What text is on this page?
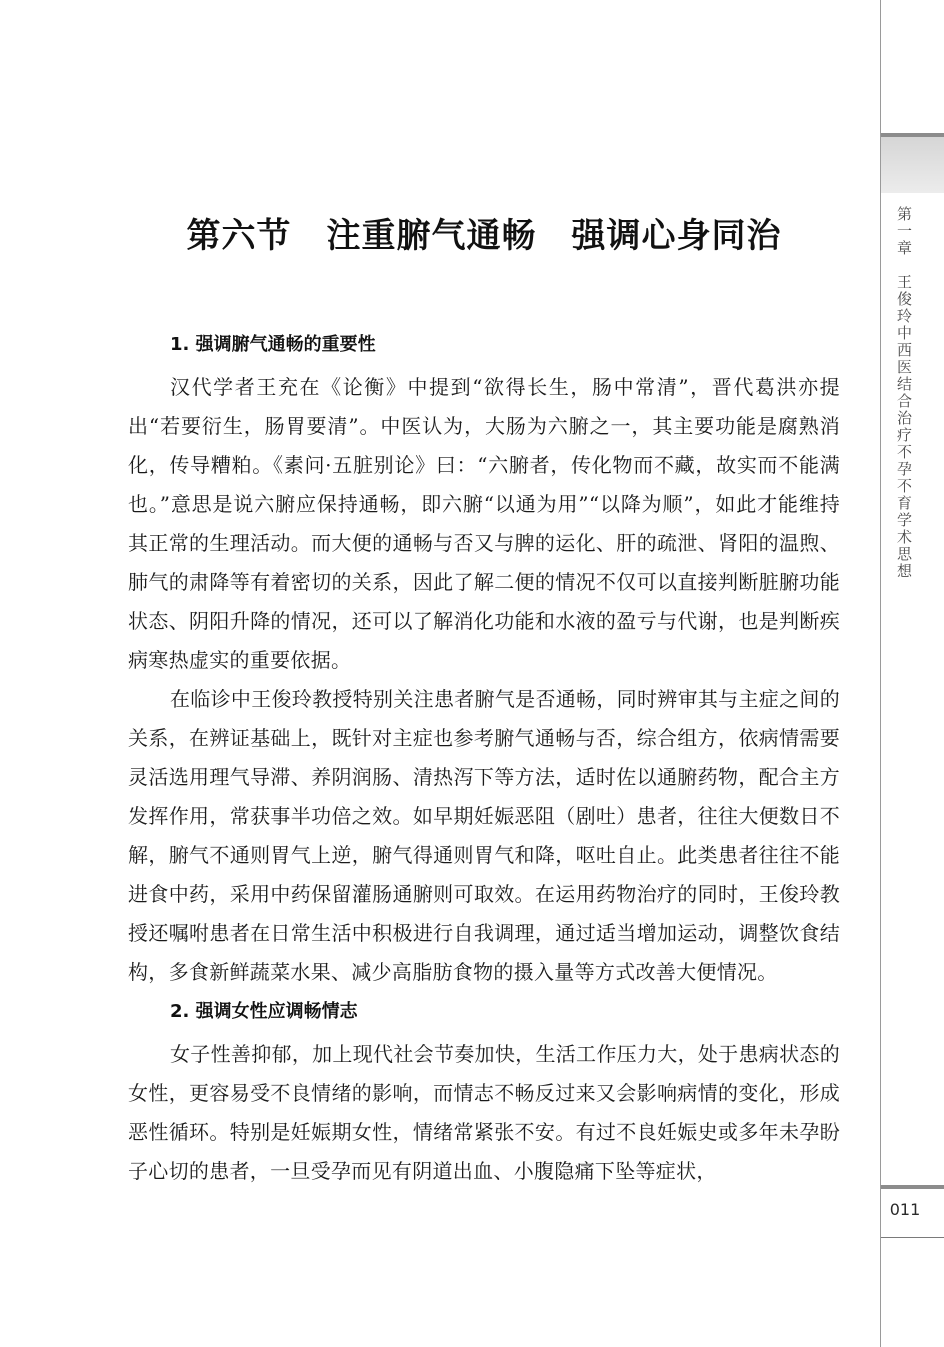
第一章　王俊玲中西医结合治疗不孕不育学术思想
011
第六节　注重腑气通畅　强调心身同治
1. 强调腑气通畅的重要性

汉代学者王充在《论衡》中提到“欲得长生，肠中常清”，晋代葛洪亦提出“若要衍生，肠胃要清”。中医认为，大肠为六腑之一，其主要功能是腐熟消化，传导糟粕。《素问·五脏别论》曰：“六腑者，传化物而不藏，故实而不能满也。”意思是说六腑应保持通畅，即六腑“以通为用”“以降为顺”，如此才能维持其正常的生理活动。而大便的通畅与否又与脾的运化、肝的疏泄、肾阳的温煦、肺气的肃降等有着密切的关系，因此了解二便的情况不仅可以直接判断脏腑功能状态、阴阳升降的情况，还可以了解消化功能和水液的盈亏与代谢，也是判断疾病寒热虚实的重要依据。

在临诊中王俊玲教授特别关注患者腑气是否通畅，同时辨审其与主症之间的关系，在辨证基础上，既针对主症也参考腑气通畅与否，综合组方，依病情需要灵活选用理气导滞、养阴润肠、清热泻下等方法，适时佐以通腑药物，配合主方发挥作用，常获事半功倍之效。如早期妊娠恶阻（剧吐）患者，往往大便数日不解，腑气不通则胃气上逆，腑气得通则胃气和降，呕吐自止。此类患者往往不能进食中药，采用中药保留灌肠通腑则可取效。在运用药物治疗的同时，王俊玲教授还嘱咐患者在日常生活中积极进行自我调理，通过适当增加运动，调整饮食结构，多食新鲜蔬菜水果、减少高脂肪食物的摄入量等方式改善大便情况。

2. 强调女性应调畅情志

女子性善抑郁，加上现代社会节奏加快，生活工作压力大，处于患病状态的女性，更容易受不良情绪的影响，而情志不畅反过来又会影响病情的变化，形成恶性循环。特别是妊娠期女性，情绪常紧张不安。有过不良妊娠史或多年未孕盼子心切的患者，一旦受孕而见有阴道出血、小腹隐痛下坠等症状，
